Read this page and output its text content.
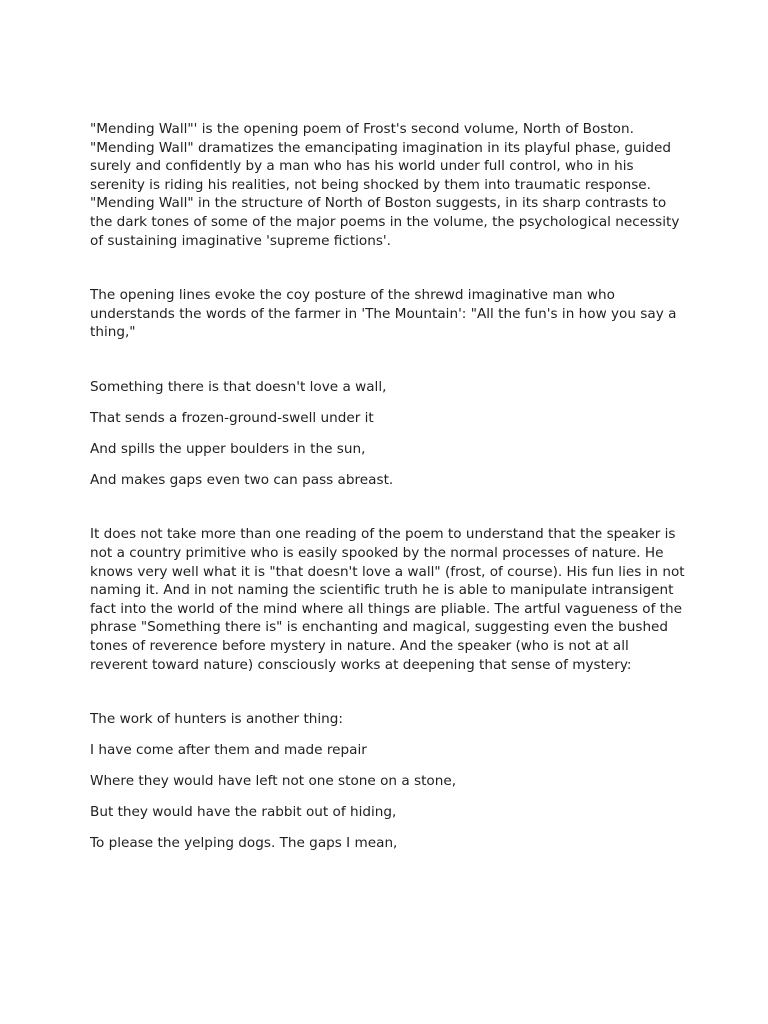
"Mending Wall"' is the opening poem of Frost's second volume, North of Boston. "Mending Wall" dramatizes the emancipating imagination in its playful phase, guided surely and confidently by a man who has his world under full control, who in his serenity is riding his realities, not being shocked by them into traumatic response. "Mending Wall" in the structure of North of Boston suggests, in its sharp contrasts to the dark tones of some of the major poems in the volume, the psychological necessity of sustaining imaginative 'supreme fictions'.

The opening lines evoke the coy posture of the shrewd imaginative man who understands the words of the farmer in 'The Mountain': "All the fun's in how you say a thing,"

Something there is that doesn't love a wall,

That sends a frozen-ground-swell under it

And spills the upper boulders in the sun,

And makes gaps even two can pass abreast.

It does not take more than one reading of the poem to understand that the speaker is not a country primitive who is easily spooked by the normal processes of nature. He knows very well what it is "that doesn't love a wall" (frost, of course). His fun lies in not naming it. And in not naming the scientific truth he is able to manipulate intransigent fact into the world of the mind where all things are pliable. The artful vagueness of the phrase "Something there is" is enchanting and magical, suggesting even the bushed tones of reverence before mystery in nature. And the speaker (who is not at all reverent toward nature) consciously works at deepening that sense of mystery:

The work of hunters is another thing:

I have come after them and made repair

Where they would have left not one stone on a stone,

But they would have the rabbit out of hiding,

To please the yelping dogs. The gaps I mean,
